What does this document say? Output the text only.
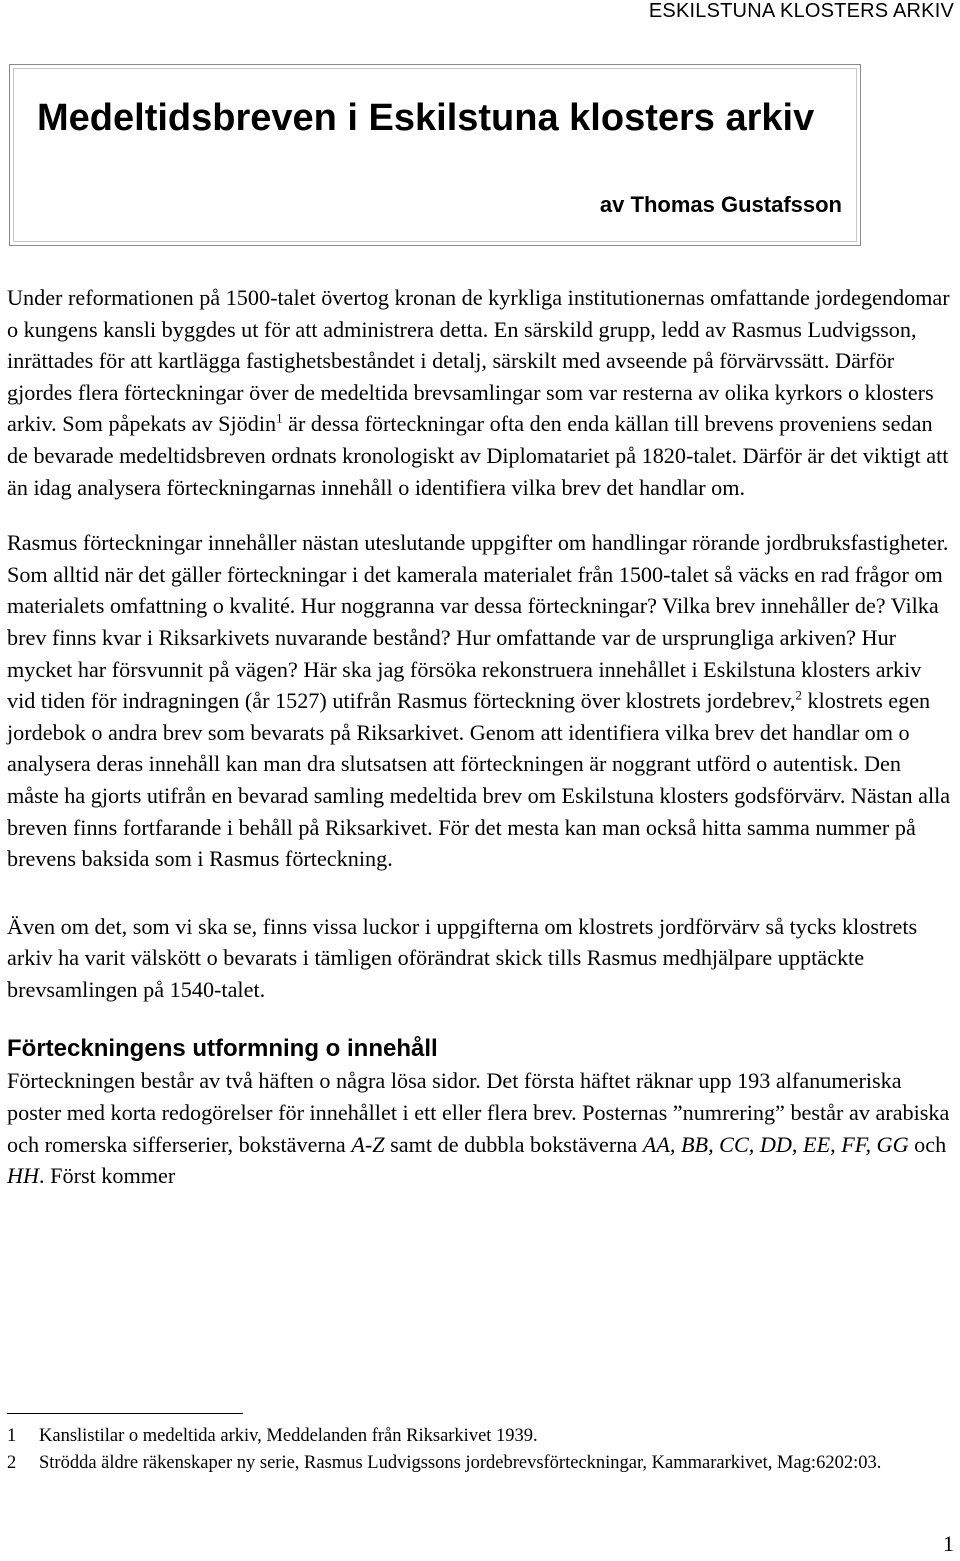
ESKILSTUNA KLOSTERS ARKIV
Medeltidsbreven i Eskilstuna klosters arkiv
av Thomas Gustafsson

Under reformationen på 1500-talet övertog kronan de kyrkliga institutionernas omfattande jordegendomar o kungens kansli byggdes ut för att administrera detta. En särskild grupp, ledd av Rasmus Ludvigsson, inrättades för att kartlägga fastighetsbeståndet i detalj, särskilt med avseende på förvärvssätt. Därför gjordes flera förteckningar över de medeltida brevsamlingar som var resterna av olika kyrkors o klosters arkiv. Som påpekats av Sjödin$^1$ är dessa förteckningar ofta den enda källan till brevens proveniens sedan de bevarade medeltidsbreven ordnats kronologiskt av Diplomatariet på 1820-talet. Därför är det viktigt att än idag analysera förteckningarnas innehåll o identifiera vilka brev det handlar om.

Rasmus förteckningar innehåller nästan uteslutande uppgifter om handlingar rörande jordbruksfastigheter. Som alltid när det gäller förteckningar i det kamerala materialet från 1500-talet så väcks en rad frågor om materialets omfattning o kvalité. Hur noggranna var dessa förteckningar? Vilka brev innehåller de? Vilka brev finns kvar i Riksarkivets nuvarande bestånd? Hur omfattande var de ursprungliga arkiven? Hur mycket har försvunnit på vägen? Här ska jag försöka rekonstruera innehållet i Eskilstuna klosters arkiv vid tiden för indragningen (år 1527) utifrån Rasmus förteckning över klostrets jordebrev,$^2$ klostrets egen jordebok o andra brev som bevarats på Riksarkivet. Genom att identifiera vilka brev det handlar om o analysera deras innehåll kan man dra slutsatsen att förteckningen är noggrant utförd o autentisk. Den måste ha gjorts utifrån en bevarad samling medeltida brev om Eskilstuna klosters godsförvärv. Nästan alla breven finns fortfarande i behåll på Riksarkivet. För det mesta kan man också hitta samma nummer på brevens baksida som i Rasmus förteckning.

Även om det, som vi ska se, finns vissa luckor i uppgifterna om klostrets jordförvärv så tycks klostrets arkiv ha varit välskött o bevarats i tämligen oförändrat skick tills Rasmus medhjälpare upptäckte brevsamlingen på 1540-talet.

Förteckningens utformning o innehåll

Förteckningen består av två häften o några lösa sidor. Det första häftet räknar upp 193 alfanumeriska poster med korta redogörelser för innehållet i ett eller flera brev. Posternas ”numrering” består av arabiska och romerska sifferserier, bokstäverna A-Z samt de dubbla bokstäverna AA, BB, CC, DD, EE, FF, GG och HH. Först kommer

1	Kanslistilar o medeltida arkiv, Meddelanden från Riksarkivet 1939.
2	Strödda äldre räkenskaper ny serie, Rasmus Ludvigssons jordebrevsförteckningar, Kammararkivet, Mag:6202:03.
1
